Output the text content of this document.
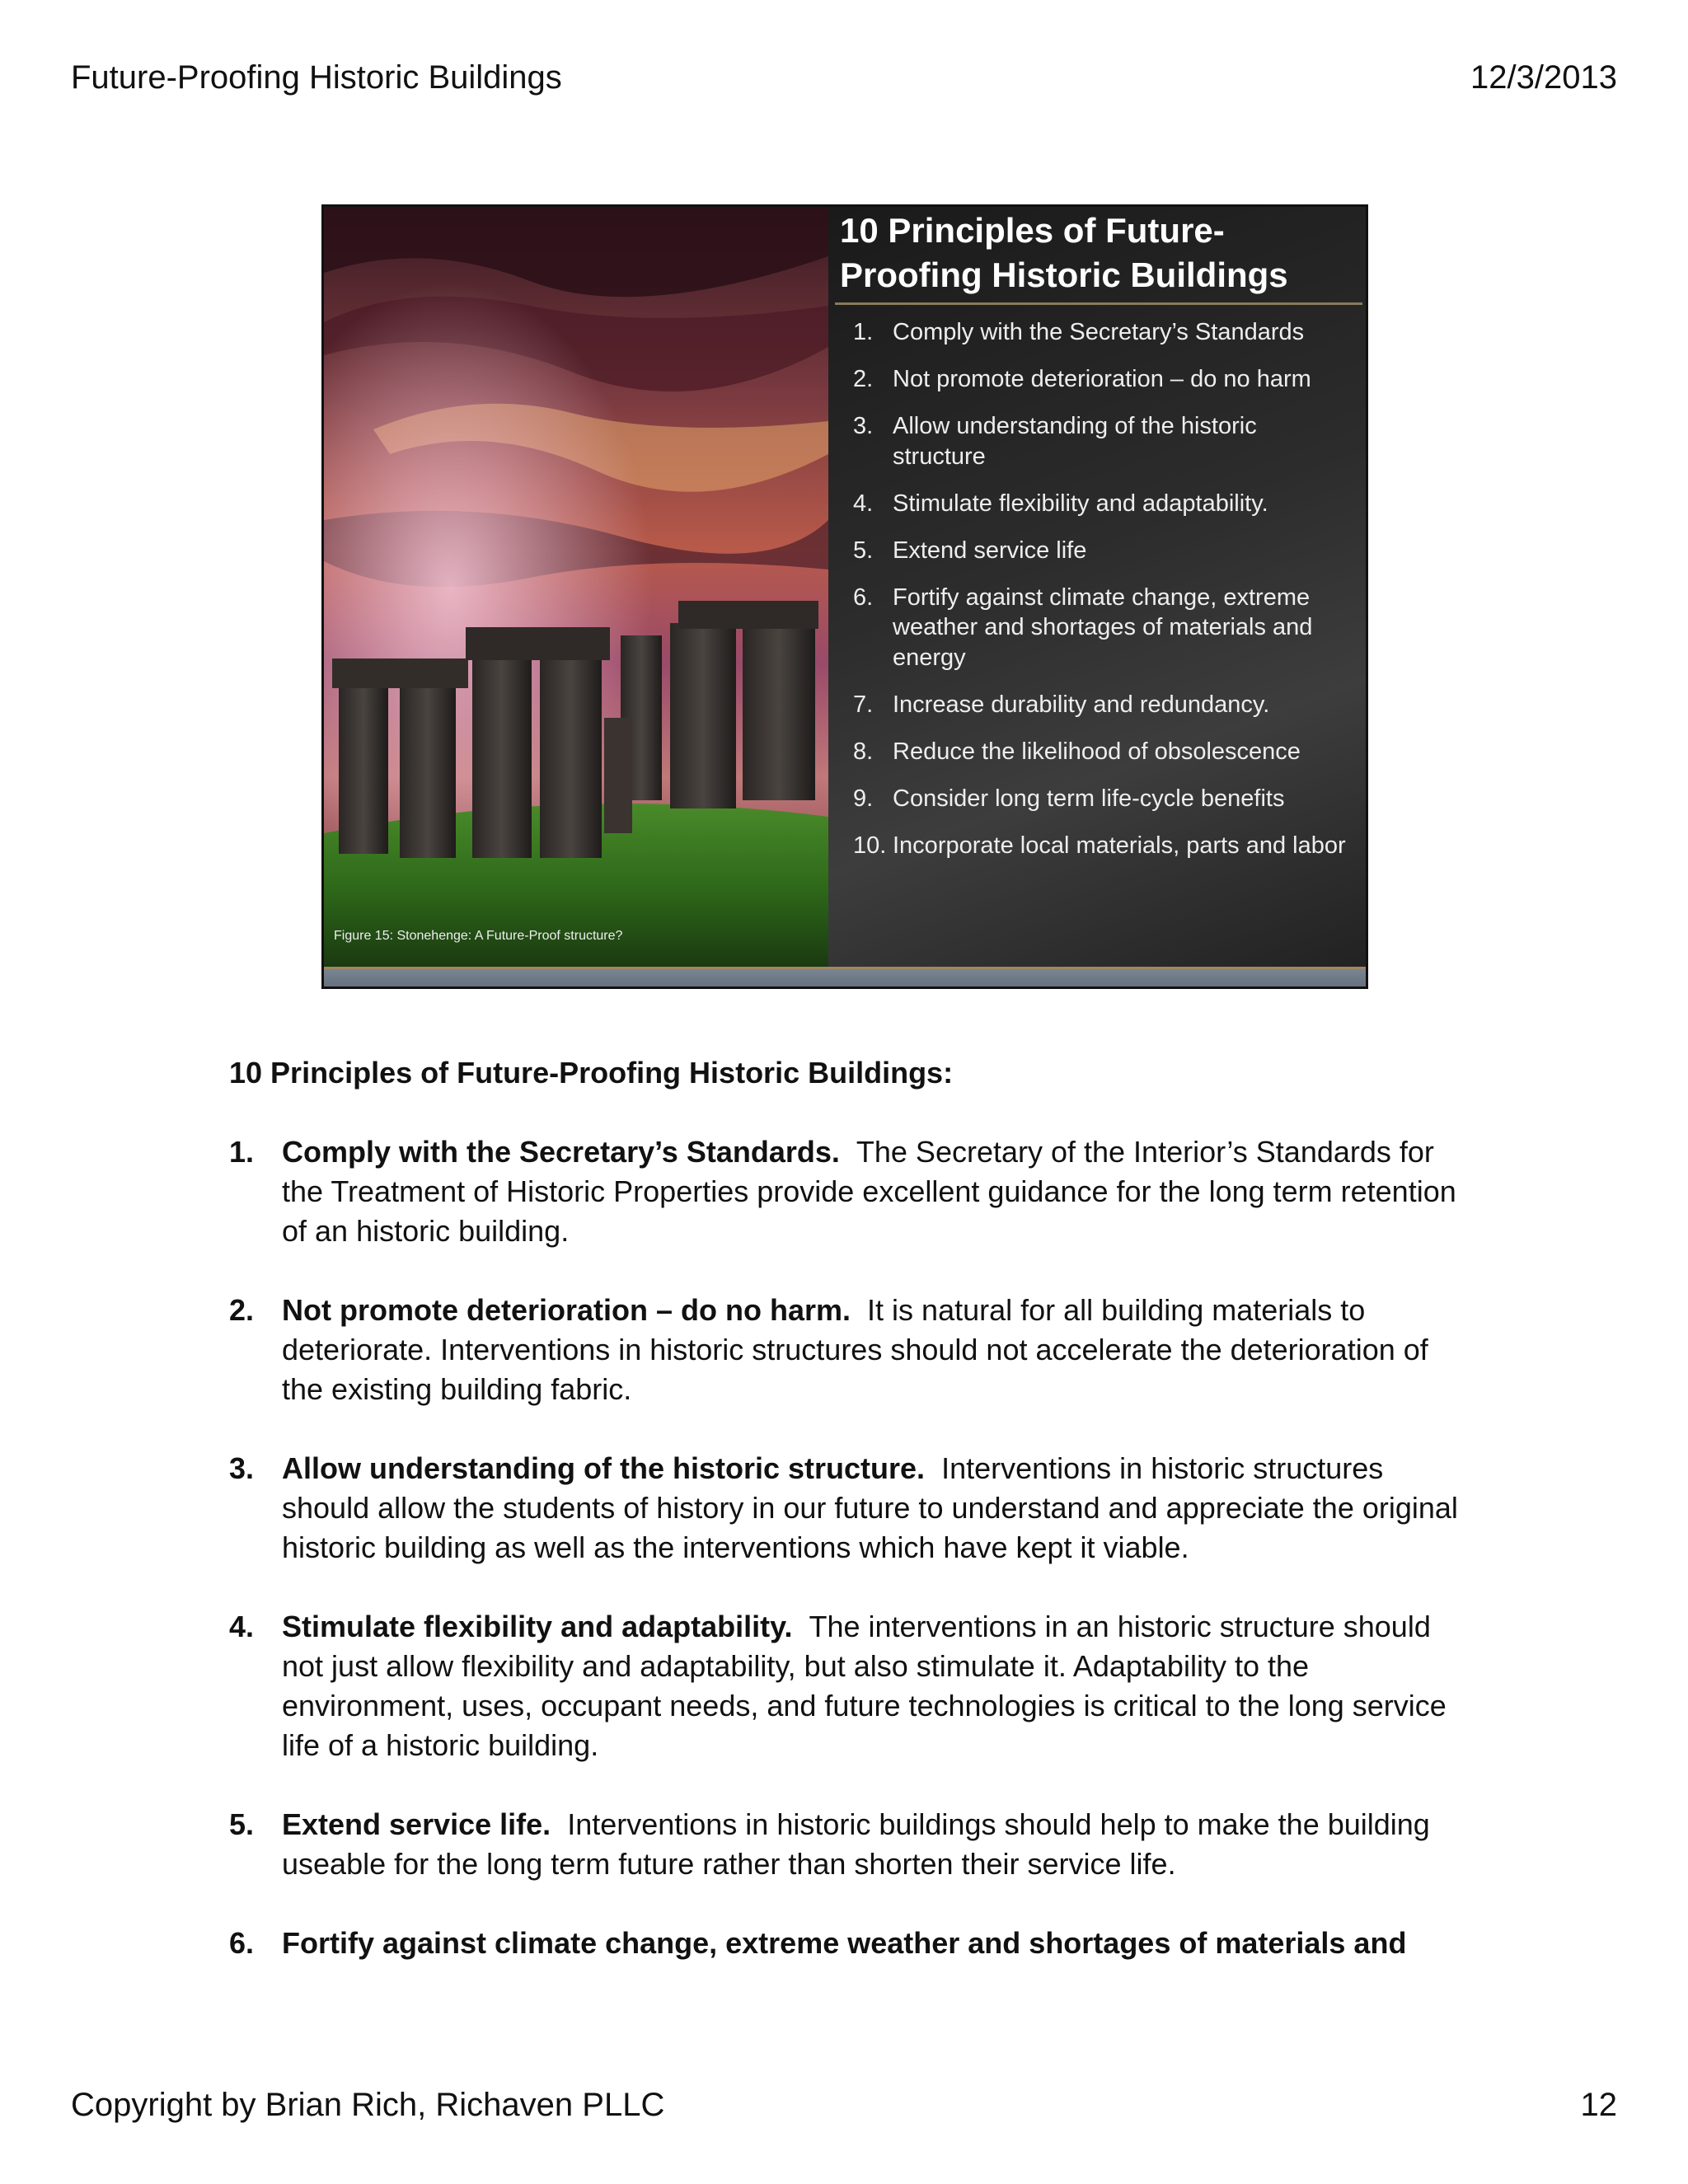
Future-Proofing Historic Buildings	12/3/2013
Figure 15: Stonehenge: A Future-Proof structure?
10 Principles of Future-
Proofing Historic Buildings
1. Comply with the Secretary’s Standards
2. Not promote deterioration – do no harm
3. Allow understanding of the historic structure
4. Stimulate flexibility and adaptability.
5. Extend service life
6. Fortify against climate change, extreme weather and shortages of materials and energy
7. Increase durability and redundancy.
8. Reduce the likelihood of obsolescence
9. Consider long term life-cycle benefits
10. Incorporate local materials, parts and labor

10 Principles of Future-Proofing Historic Buildings:

1. Comply with the Secretary’s Standards. The Secretary of the Interior’s Standards for the Treatment of Historic Properties provide excellent guidance for the long term retention of an historic building.
2. Not promote deterioration – do no harm. It is natural for all building materials to deteriorate. Interventions in historic structures should not accelerate the deterioration of the existing building fabric.
3. Allow understanding of the historic structure. Interventions in historic structures should allow the students of history in our future to understand and appreciate the original historic building as well as the interventions which have kept it viable.
4. Stimulate flexibility and adaptability. The interventions in an historic structure should not just allow flexibility and adaptability, but also stimulate it. Adaptability to the environment, uses, occupant needs, and future technologies is critical to the long service life of a historic building.
5. Extend service life. Interventions in historic buildings should help to make the building useable for the long term future rather than shorten their service life.
6. Fortify against climate change, extreme weather and shortages of materials and
Copyright by Brian Rich, Richaven PLLC	12
